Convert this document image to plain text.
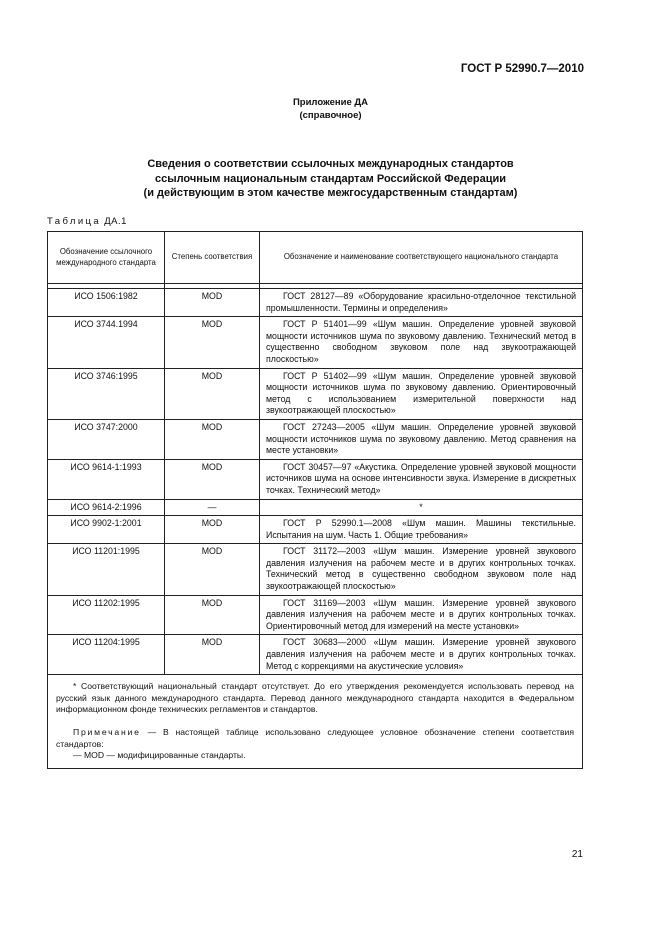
ГОСТ Р 52990.7—2010
Приложение ДА
(справочное)
Сведения о соответствии ссылочных международных стандартов
ссылочным национальным стандартам Российской Федерации
(и действующим в этом качестве межгосударственным стандартам)
Таблица ДА.1
Обозначение ссылочного международного стандарта	Степень соответствия	Обозначение и наименование соответствующего национального стандарта

ИСО 1506:1982	MOD	ГОСТ 28127—89 «Оборудование красильно-отделочное текстильной промышленности. Термины и определения»

ИСО 3744.1994	MOD	ГОСТ Р 51401—99 «Шум машин. Определение уровней звуковой мощности источников шума по звуковому давлению. Технический метод в существенно свободном звуковом поле над звукоотражающей плоскостью»

ИСО 3746:1995	MOD	ГОСТ Р 51402—99 «Шум машин. Определение уровней звуковой мощности источников шума по звуковому давлению. Ориентировочный метод с использованием измерительной поверхности над звукоотражающей плоскостью»

ИСО 3747:2000	MOD	ГОСТ 27243—2005 «Шум машин. Определение уровней звуковой мощности источников шума по звуковому давлению. Метод сравнения на месте установки»

ИСО 9614-1:1993	MOD	ГОСТ 30457—97 «Акустика. Определение уровней звуковой мощности источников шума на основе интенсивности звука. Измерение в дискретных точках. Технический метод»

ИСО 9614-2:1996	—	*
ИСО 9902-1:2001	MOD	ГОСТ Р 52990.1—2008 «Шум машин. Машины текстильные. Испытания на шум. Часть 1. Общие требования»

ИСО 11201:1995	MOD	ГОСТ 31172—2003 «Шум машин. Измерение уровней звукового давления излучения на рабочем месте и в других контрольных точках. Технический метод в существенно свободном звуковом поле над звукоотражающей плоскостью»

ИСО 11202:1995	MOD	ГОСТ 31169—2003 «Шум машин. Измерение уровней звукового давления излучения на рабочем месте и в других контрольных точках. Ориентировочный метод для измерений на месте установки»

ИСО 11204:1995	MOD	ГОСТ 30683—2000 «Шум машин. Измерение уровней звукового давления излучения на рабочем месте и в других контрольных точках. Метод с коррекциями на акустические условия»

* Соответствующий национальный стандарт отсутствует. До его утверждения рекомендуется использовать перевод на русский язык данного международного стандарта. Перевод данного международного стандарта находится в Федеральном информационном фонде технических регламентов и стандартов.

Примечание — В настоящей таблице использовано следующее условное обозначение степени соответствия стандартов:

— MOD — модифицированные стандарты.		

21
